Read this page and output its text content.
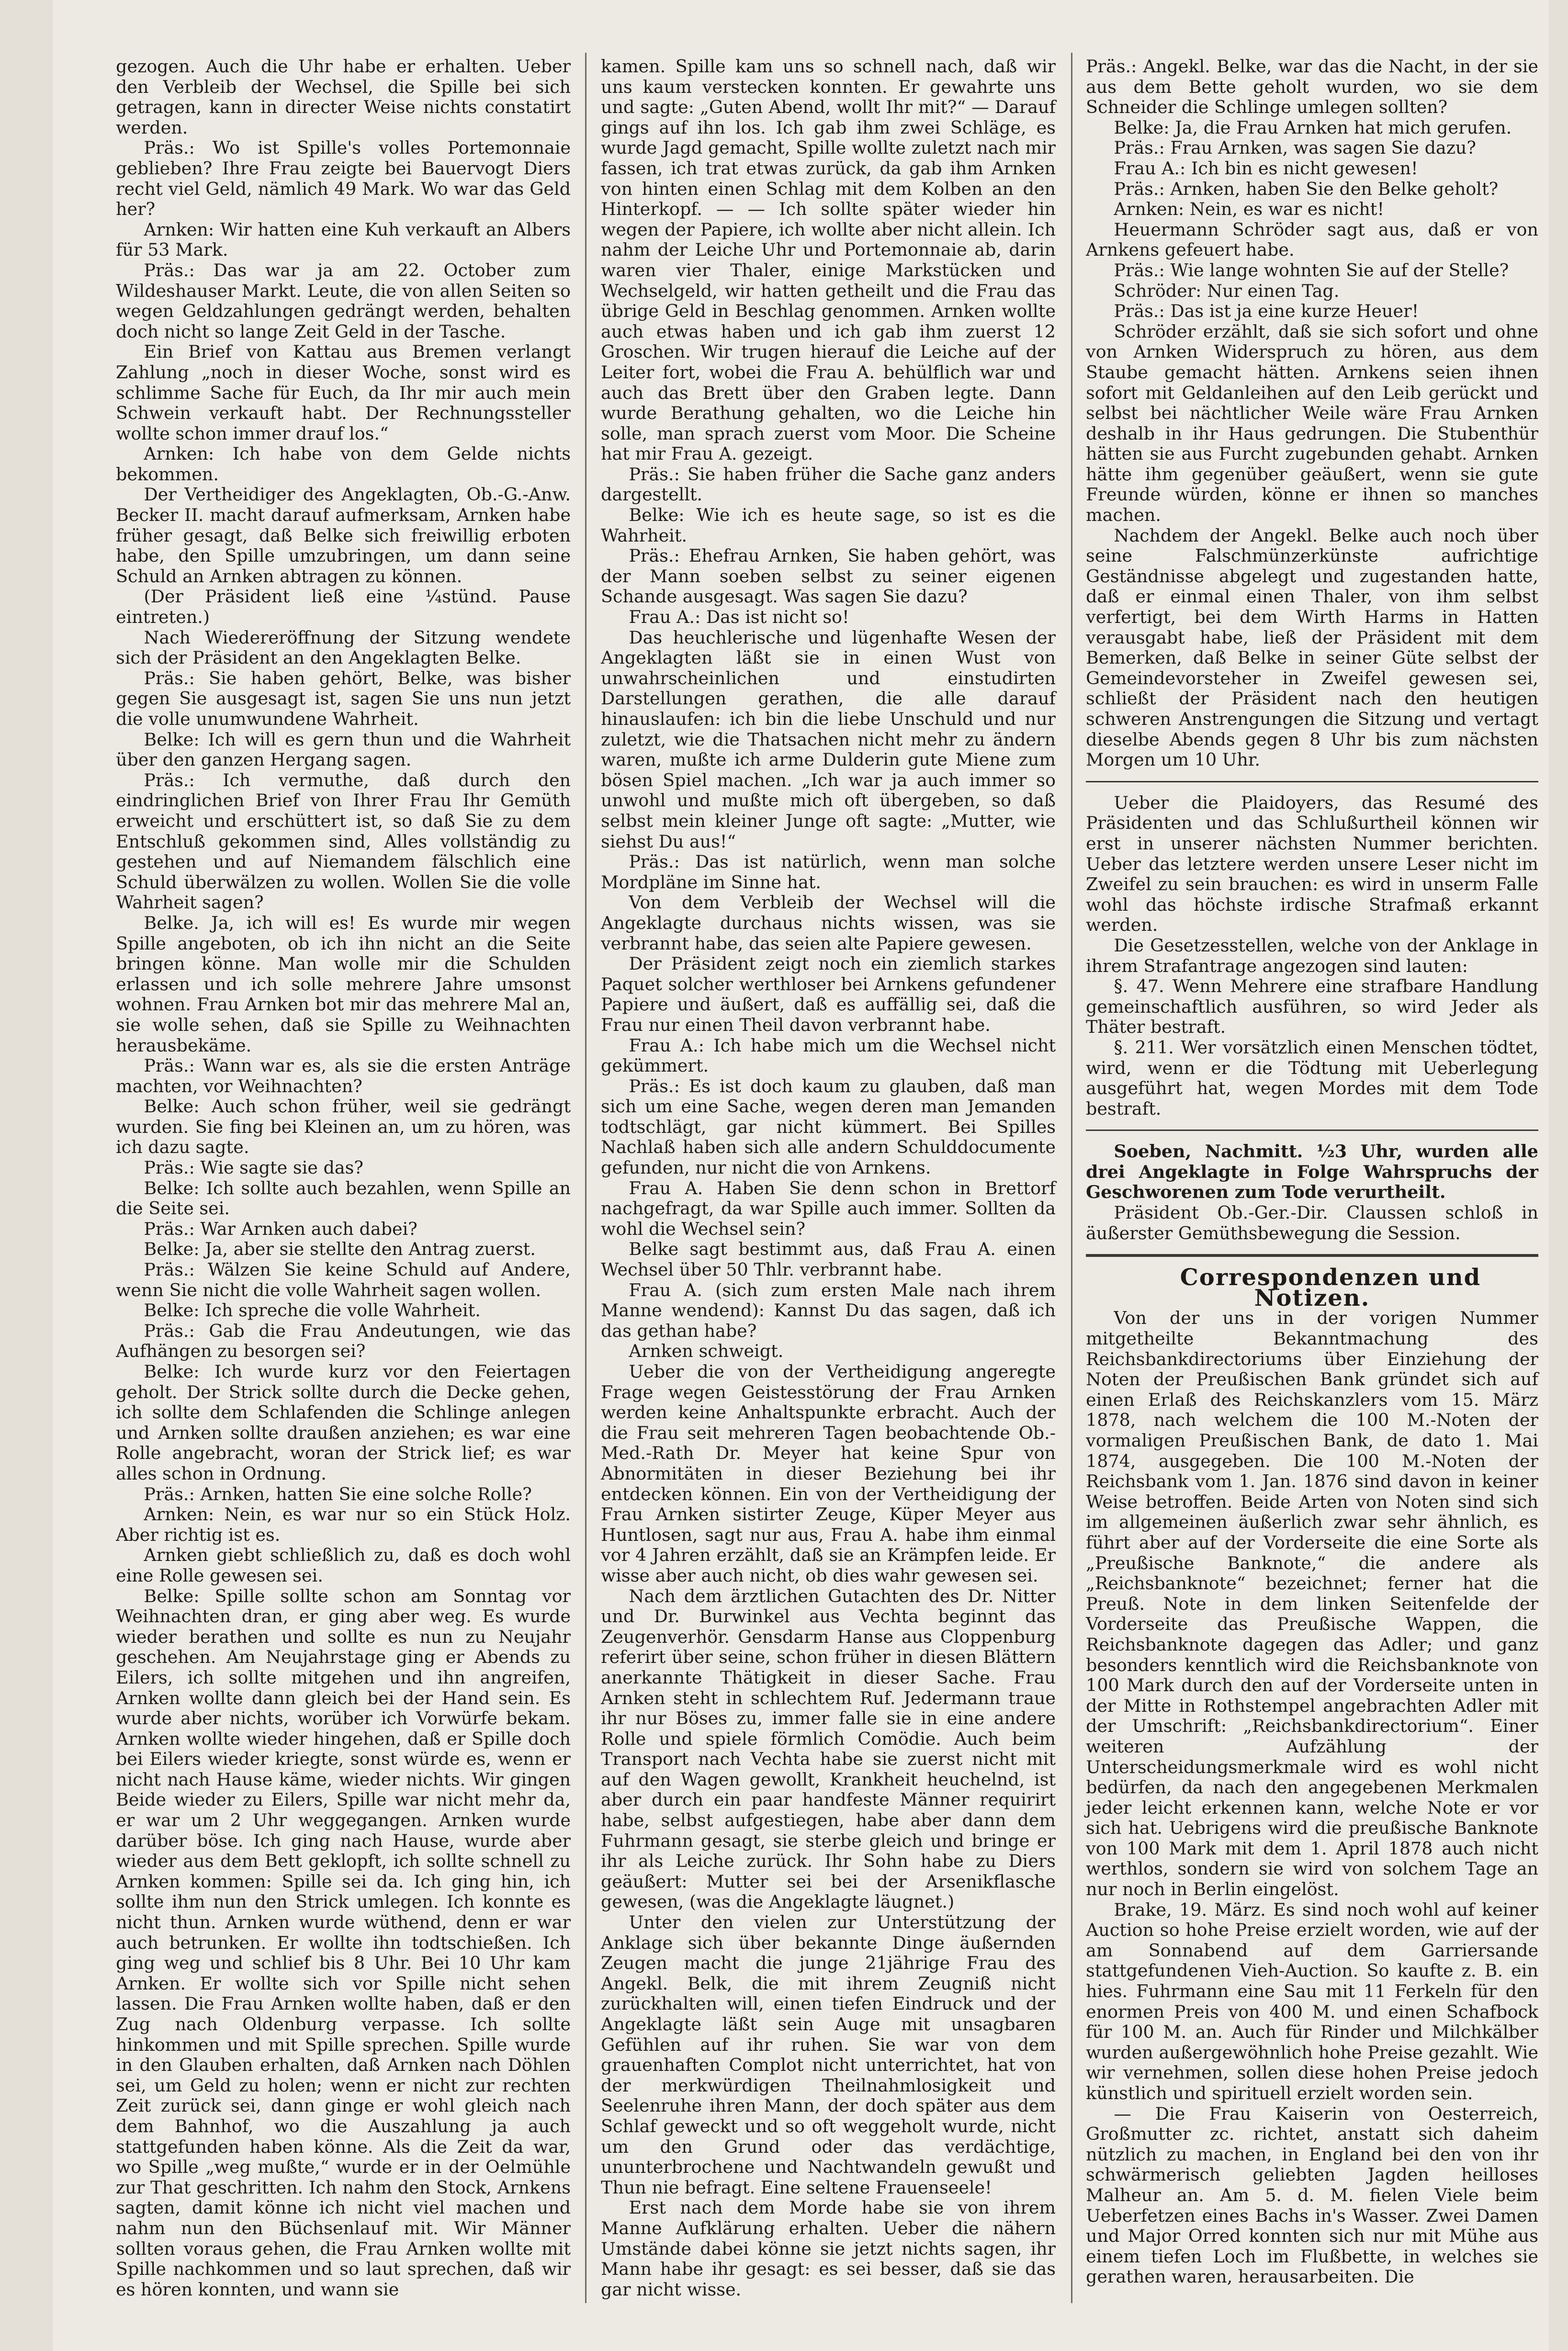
gezogen. Auch die Uhr habe er erhalten. Ueber den Verbleib der Wechsel, die Spille bei sich getragen, kann in directer Weise nichts constatirt werden.

Präs.: Wo ist Spille's volles Portemonnaie geblieben? Ihre Frau zeigte bei Bauervogt Diers recht viel Geld, nämlich 49 Mark. Wo war das Geld her?

Arnken: Wir hatten eine Kuh verkauft an Albers für 53 Mark.

Präs.: Das war ja am 22. October zum Wildeshauser Markt. Leute, die von allen Seiten so wegen Geldzahlungen gedrängt werden, behalten doch nicht so lange Zeit Geld in der Tasche.

Ein Brief von Kattau aus Bremen verlangt Zahlung „noch in dieser Woche, sonst wird es schlimme Sache für Euch, da Ihr mir auch mein Schwein verkauft habt. Der Rechnungssteller wollte schon immer drauf los.“

Arnken: Ich habe von dem Gelde nichts bekommen.

Der Vertheidiger des Angeklagten, Ob.-G.-Anw. Becker II. macht darauf aufmerksam, Arnken habe früher gesagt, daß Belke sich freiwillig erboten habe, den Spille umzubringen, um dann seine Schuld an Arnken abtragen zu können.

(Der Präsident ließ eine ¼stünd. Pause eintreten.)

Nach Wiedereröffnung der Sitzung wendete sich der Präsident an den Angeklagten Belke.

Präs.: Sie haben gehört, Belke, was bisher gegen Sie ausgesagt ist, sagen Sie uns nun jetzt die volle unumwundene Wahrheit.

Belke: Ich will es gern thun und die Wahrheit über den ganzen Hergang sagen.

Präs.: Ich vermuthe, daß durch den eindringlichen Brief von Ihrer Frau Ihr Gemüth erweicht und erschüttert ist, so daß Sie zu dem Entschluß gekommen sind, Alles vollständig zu gestehen und auf Niemandem fälschlich eine Schuld überwälzen zu wollen. Wollen Sie die volle Wahrheit sagen?

Belke. Ja, ich will es! Es wurde mir wegen Spille angeboten, ob ich ihn nicht an die Seite bringen könne. Man wolle mir die Schulden erlassen und ich solle mehrere Jahre umsonst wohnen. Frau Arnken bot mir das mehrere Mal an, sie wolle sehen, daß sie Spille zu Weihnachten herausbekäme.

Präs.: Wann war es, als sie die ersten Anträge machten, vor Weihnachten?

Belke: Auch schon früher, weil sie gedrängt wurden. Sie fing bei Kleinen an, um zu hören, was ich dazu sagte.

Präs.: Wie sagte sie das?

Belke: Ich sollte auch bezahlen, wenn Spille an die Seite sei.

Präs.: War Arnken auch dabei?

Belke: Ja, aber sie stellte den Antrag zuerst.

Präs.: Wälzen Sie keine Schuld auf Andere, wenn Sie nicht die volle Wahrheit sagen wollen.

Belke: Ich spreche die volle Wahrheit.

Präs.: Gab die Frau Andeutungen, wie das Aufhängen zu besorgen sei?

Belke: Ich wurde kurz vor den Feiertagen geholt. Der Strick sollte durch die Decke gehen, ich sollte dem Schlafenden die Schlinge anlegen und Arnken sollte draußen anziehen; es war eine Rolle angebracht, woran der Strick lief; es war alles schon in Ordnung.

Präs.: Arnken, hatten Sie eine solche Rolle?

Arnken: Nein, es war nur so ein Stück Holz. Aber richtig ist es.

Arnken giebt schließlich zu, daß es doch wohl eine Rolle gewesen sei.

Belke: Spille sollte schon am Sonntag vor Weihnachten dran, er ging aber weg. Es wurde wieder berathen und sollte es nun zu Neujahr geschehen. Am Neujahrstage ging er Abends zu Eilers, ich sollte mitgehen und ihn angreifen, Arnken wollte dann gleich bei der Hand sein. Es wurde aber nichts, worüber ich Vorwürfe bekam. Arnken wollte wieder hingehen, daß er Spille doch bei Eilers wieder kriegte, sonst würde es, wenn er nicht nach Hause käme, wieder nichts. Wir gingen Beide wieder zu Eilers, Spille war nicht mehr da, er war um 2 Uhr weggegangen. Arnken wurde darüber böse. Ich ging nach Hause, wurde aber wieder aus dem Bett geklopft, ich sollte schnell zu Arnken kommen: Spille sei da. Ich ging hin, ich sollte ihm nun den Strick umlegen. Ich konnte es nicht thun. Arnken wurde wüthend, denn er war auch betrunken. Er wollte ihn todtschießen. Ich ging weg und schlief bis 8 Uhr. Bei 10 Uhr kam Arnken. Er wollte sich vor Spille nicht sehen lassen. Die Frau Arnken wollte haben, daß er den Zug nach Oldenburg verpasse. Ich sollte hinkommen und mit Spille sprechen. Spille wurde in den Glauben erhalten, daß Arnken nach Döhlen sei, um Geld zu holen; wenn er nicht zur rechten Zeit zurück sei, dann ginge er wohl gleich nach dem Bahnhof, wo die Auszahlung ja auch stattgefunden haben könne. Als die Zeit da war, wo Spille „weg mußte,“ wurde er in der Oelmühle zur That geschritten. Ich nahm den Stock, Arnkens sagten, damit könne ich nicht viel machen und nahm nun den Büchsenlauf mit. Wir Männer sollten voraus gehen, die Frau Arnken wollte mit Spille nachkommen und so laut sprechen, daß wir es hören konnten, und wann sie

kamen. Spille kam uns so schnell nach, daß wir uns kaum verstecken konnten. Er gewahrte uns und sagte: „Guten Abend, wollt Ihr mit?“ — Darauf gings auf ihn los. Ich gab ihm zwei Schläge, es wurde Jagd gemacht, Spille wollte zuletzt nach mir fassen, ich trat etwas zurück, da gab ihm Arnken von hinten einen Schlag mit dem Kolben an den Hinterkopf. — — Ich sollte später wieder hin wegen der Papiere, ich wollte aber nicht allein. Ich nahm der Leiche Uhr und Portemonnaie ab, darin waren vier Thaler, einige Markstücken und Wechselgeld, wir hatten getheilt und die Frau das übrige Geld in Beschlag genommen. Arnken wollte auch etwas haben und ich gab ihm zuerst 12 Groschen. Wir trugen hierauf die Leiche auf der Leiter fort, wobei die Frau A. behülflich war und auch das Brett über den Graben legte. Dann wurde Berathung gehalten, wo die Leiche hin solle, man sprach zuerst vom Moor. Die Scheine hat mir Frau A. gezeigt.

Präs.: Sie haben früher die Sache ganz anders dargestellt.

Belke: Wie ich es heute sage, so ist es die Wahrheit.

Präs.: Ehefrau Arnken, Sie haben gehört, was der Mann soeben selbst zu seiner eigenen Schande ausgesagt. Was sagen Sie dazu?

Frau A.: Das ist nicht so!

Das heuchlerische und lügenhafte Wesen der Angeklagten läßt sie in einen Wust von unwahrscheinlichen und einstudirten Darstellungen gerathen, die alle darauf hinauslaufen: ich bin die liebe Unschuld und nur zuletzt, wie die Thatsachen nicht mehr zu ändern waren, mußte ich arme Dulderin gute Miene zum bösen Spiel machen. „Ich war ja auch immer so unwohl und mußte mich oft übergeben, so daß selbst mein kleiner Junge oft sagte: „Mutter, wie siehst Du aus!“

Präs.: Das ist natürlich, wenn man solche Mordpläne im Sinne hat.

Von dem Verbleib der Wechsel will die Angeklagte durchaus nichts wissen, was sie verbrannt habe, das seien alte Papiere gewesen.

Der Präsident zeigt noch ein ziemlich starkes Paquet solcher werthloser bei Arnkens gefundener Papiere und äußert, daß es auffällig sei, daß die Frau nur einen Theil davon verbrannt habe.

Frau A.: Ich habe mich um die Wechsel nicht gekümmert.

Präs.: Es ist doch kaum zu glauben, daß man sich um eine Sache, wegen deren man Jemanden todtschlägt, gar nicht kümmert. Bei Spilles Nachlaß haben sich alle andern Schulddocumente gefunden, nur nicht die von Arnkens.

Frau A. Haben Sie denn schon in Brettorf nachgefragt, da war Spille auch immer. Sollten da wohl die Wechsel sein?

Belke sagt bestimmt aus, daß Frau A. einen Wechsel über 50 Thlr. verbrannt habe.

Frau A. (sich zum ersten Male nach ihrem Manne wendend): Kannst Du das sagen, daß ich das gethan habe?

Arnken schweigt.

Ueber die von der Vertheidigung angeregte Frage wegen Geistesstörung der Frau Arnken werden keine Anhaltspunkte erbracht. Auch der die Frau seit mehreren Tagen beobachtende Ob.-Med.-Rath Dr. Meyer hat keine Spur von Abnormitäten in dieser Beziehung bei ihr entdecken können. Ein von der Vertheidigung der Frau Arnken sistirter Zeuge, Küper Meyer aus Huntlosen, sagt nur aus, Frau A. habe ihm einmal vor 4 Jahren erzählt, daß sie an Krämpfen leide. Er wisse aber auch nicht, ob dies wahr gewesen sei.

Nach dem ärztlichen Gutachten des Dr. Nitter und Dr. Burwinkel aus Vechta beginnt das Zeugenverhör. Gensdarm Hanse aus Cloppenburg referirt über seine, schon früher in diesen Blättern anerkannte Thätigkeit in dieser Sache. Frau Arnken steht in schlechtem Ruf. Jedermann traue ihr nur Böses zu, immer falle sie in eine andere Rolle und spiele förmlich Comödie. Auch beim Transport nach Vechta habe sie zuerst nicht mit auf den Wagen gewollt, Krankheit heuchelnd, ist aber durch ein paar handfeste Männer requirirt habe, selbst aufgestiegen, habe aber dann dem Fuhrmann gesagt, sie sterbe gleich und bringe er ihr als Leiche zurück. Ihr Sohn habe zu Diers geäußert: Mutter sei bei der Arsenikflasche gewesen, (was die Angeklagte läugnet.)

Unter den vielen zur Unterstützung der Anklage sich über bekannte Dinge äußernden Zeugen macht die junge 21jährige Frau des Angekl. Belk, die mit ihrem Zeugniß nicht zurückhalten will, einen tiefen Eindruck und der Angeklagte läßt sein Auge mit unsagbaren Gefühlen auf ihr ruhen. Sie war von dem grauenhaften Complot nicht unterrichtet, hat von der merkwürdigen Theilnahmlosigkeit und Seelenruhe ihren Mann, der doch später aus dem Schlaf geweckt und so oft weggeholt wurde, nicht um den Grund oder das verdächtige, ununterbrochene und Nachtwandeln gewußt und Thun nie befragt. Eine seltene Frauenseele!

Erst nach dem Morde habe sie von ihrem Manne Aufklärung erhalten. Ueber die nähern Umstände dabei könne sie jetzt nichts sagen, ihr Mann habe ihr gesagt: es sei besser, daß sie das gar nicht wisse.

Präs.: Angekl. Belke, war das die Nacht, in der sie aus dem Bette geholt wurden, wo sie dem Schneider die Schlinge umlegen sollten?

Belke: Ja, die Frau Arnken hat mich gerufen.

Präs.: Frau Arnken, was sagen Sie dazu?

Frau A.: Ich bin es nicht gewesen!

Präs.: Arnken, haben Sie den Belke geholt?

Arnken: Nein, es war es nicht!

Heuermann Schröder sagt aus, daß er von Arnkens gefeuert habe.

Präs.: Wie lange wohnten Sie auf der Stelle?

Schröder: Nur einen Tag.

Präs.: Das ist ja eine kurze Heuer!

Schröder erzählt, daß sie sich sofort und ohne von Arnken Widerspruch zu hören, aus dem Staube gemacht hätten. Arnkens seien ihnen sofort mit Geldanleihen auf den Leib gerückt und selbst bei nächtlicher Weile wäre Frau Arnken deshalb in ihr Haus gedrungen. Die Stubenthür hätten sie aus Furcht zugebunden gehabt. Arnken hätte ihm gegenüber geäußert, wenn sie gute Freunde würden, könne er ihnen so manches machen.

Nachdem der Angekl. Belke auch noch über seine Falschmünzerkünste aufrichtige Geständnisse abgelegt und zugestanden hatte, daß er einmal einen Thaler, von ihm selbst verfertigt, bei dem Wirth Harms in Hatten verausgabt habe, ließ der Präsident mit dem Bemerken, daß Belke in seiner Güte selbst der Gemeindevorsteher in Zweifel gewesen sei, schließt der Präsident nach den heutigen schweren Anstrengungen die Sitzung und vertagt dieselbe Abends gegen 8 Uhr bis zum nächsten Morgen um 10 Uhr.

Ueber die Plaidoyers, das Resumé des Präsidenten und das Schlußurtheil können wir erst in unserer nächsten Nummer berichten. Ueber das letztere werden unsere Leser nicht im Zweifel zu sein brauchen: es wird in unserm Falle wohl das höchste irdische Strafmaß erkannt werden.

Die Gesetzesstellen, welche von der Anklage in ihrem Strafantrage angezogen sind lauten:

§. 47. Wenn Mehrere eine strafbare Handlung gemeinschaftlich ausführen, so wird Jeder als Thäter bestraft.

§. 211. Wer vorsätzlich einen Menschen tödtet, wird, wenn er die Tödtung mit Ueberlegung ausgeführt hat, wegen Mordes mit dem Tode bestraft.

Soeben, Nachmitt. ½3 Uhr, wurden alle drei Angeklagte in Folge Wahrspruchs der Geschworenen zum Tode verurtheilt.

Präsident Ob.-Ger.-Dir. Claussen schloß in äußerster Gemüthsbewegung die Session.

Correspondenzen und Notizen.

Von der uns in der vorigen Nummer mitgetheilte Bekanntmachung des Reichsbankdirectoriums über Einziehung der Noten der Preußischen Bank gründet sich auf einen Erlaß des Reichskanzlers vom 15. März 1878, nach welchem die 100 M.-Noten der vormaligen Preußischen Bank, de dato 1. Mai 1874, ausgegeben. Die 100 M.-Noten der Reichsbank vom 1. Jan. 1876 sind davon in keiner Weise betroffen. Beide Arten von Noten sind sich im allgemeinen äußerlich zwar sehr ähnlich, es führt aber auf der Vorderseite die eine Sorte als „Preußische Banknote,“ die andere als „Reichsbanknote“ bezeichnet; ferner hat die Preuß. Note in dem linken Seitenfelde der Vorderseite das Preußische Wappen, die Reichsbanknote dagegen das Adler; und ganz besonders kenntlich wird die Reichsbanknote von 100 Mark durch den auf der Vorderseite unten in der Mitte in Rothstempel angebrachten Adler mit der Umschrift: „Reichsbankdirectorium“. Einer weiteren Aufzählung der Unterscheidungsmerkmale wird es wohl nicht bedürfen, da nach den angegebenen Merkmalen jeder leicht erkennen kann, welche Note er vor sich hat. Uebrigens wird die preußische Banknote von 100 Mark mit dem 1. April 1878 auch nicht werthlos, sondern sie wird von solchem Tage an nur noch in Berlin eingelöst.

Brake, 19. März. Es sind noch wohl auf keiner Auction so hohe Preise erzielt worden, wie auf der am Sonnabend auf dem Garriersande stattgefundenen Vieh-Auction. So kaufte z. B. ein hies. Fuhrmann eine Sau mit 11 Ferkeln für den enormen Preis von 400 M. und einen Schafbock für 100 M. an. Auch für Rinder und Milchkälber wurden außergewöhnlich hohe Preise gezahlt. Wie wir vernehmen, sollen diese hohen Preise jedoch künstlich und spirituell erzielt worden sein.

— Die Frau Kaiserin von Oesterreich, Großmutter zc. richtet, anstatt sich daheim nützlich zu machen, in England bei den von ihr schwärmerisch geliebten Jagden heilloses Malheur an. Am 5. d. M. fielen Viele beim Ueberfetzen eines Bachs in's Wasser. Zwei Damen und Major Orred konnten sich nur mit Mühe aus einem tiefen Loch im Flußbette, in welches sie gerathen waren, herausarbeiten. Die
